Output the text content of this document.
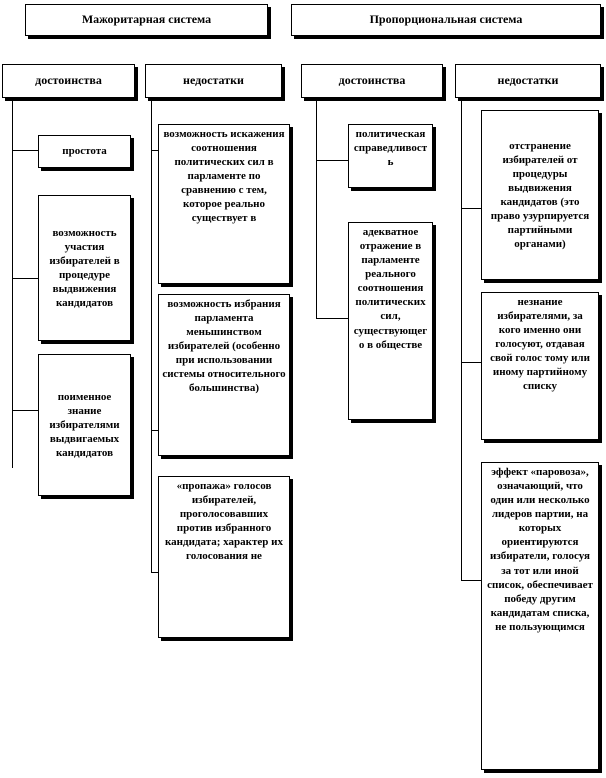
Мажоритарная система	Пропорциональная система
достоинства	недостатки	достоинства	недостатки
простота
возможность участия избирателей в процедуре выдвижения кандидатов
поименное знание избирателями выдвигаемых кандидатов
возможность искажения соотношения политических сил в парламенте по сравнению с тем, которое реально существует в
возможность избрания парламента меньшинством избирателей (особенно при использовании системы относительного большинства)
«пропажа» голосов избирателей, проголосовавших против избранного кандидата; характер их голосования не
политическая справедливость
адекватное отражение в парламенте реального соотношения политических сил, существующего в обществе
отстранение избирателей от процедуры выдвижения кандидатов (это право узурпируется партийными органами)
незнание избирателями, за кого именно они голосуют, отдавая свой голос тому или иному партийному списку
эффект «паровоза», означающий, что один или несколько лидеров партии, на которых ориентируются избиратели, голосуя за тот или иной список, обеспечивает победу другим кандидатам списка, не пользующимся
